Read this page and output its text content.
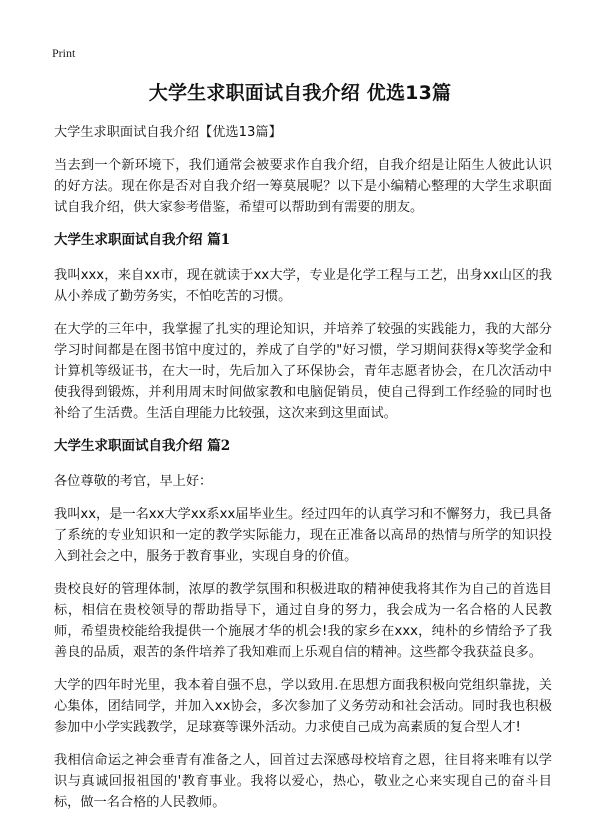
Print
大学生求职面试自我介绍 优选13篇
大学生求职面试自我介绍【优选13篇】

当去到一个新环境下，我们通常会被要求作自我介绍，自我介绍是让陌生人彼此认识的好方法。现在你是否对自我介绍一筹莫展呢？以下是小编精心整理的大学生求职面试自我介绍，供大家参考借鉴，希望可以帮助到有需要的朋友。

大学生求职面试自我介绍 篇1

我叫xxx，来自xx市，现在就读于xx大学，专业是化学工程与工艺，出身xx山区的我从小养成了勤劳务实，不怕吃苦的习惯。

在大学的三年中，我掌握了扎实的理论知识，并培养了较强的实践能力，我的大部分学习时间都是在图书馆中度过的，养成了自学的"好习惯，学习期间获得x等奖学金和计算机等级证书，在大一时，先后加入了环保协会，青年志愿者协会，在几次活动中使我得到锻炼，并利用周末时间做家教和电脑促销员，使自己得到工作经验的同时也补给了生活费。生活自理能力比较强，这次来到这里面试。

大学生求职面试自我介绍 篇2

各位尊敬的考官，早上好：

我叫xx，是一名xx大学xx系xx届毕业生。经过四年的认真学习和不懈努力，我已具备了系统的专业知识和一定的教学实际能力，现在正准备以高昂的热情与所学的知识投入到社会之中，服务于教育事业，实现自身的价值。

贵校良好的管理体制，浓厚的教学氛围和积极进取的精神使我将其作为自己的首选目标，相信在贵校领导的帮助指导下，通过自身的努力，我会成为一名合格的人民教师，希望贵校能给我提供一个施展才华的机会!我的家乡在xxx，纯朴的乡情给予了我善良的品质，艰苦的条件培养了我知难而上乐观自信的精神。这些都令我获益良多。

大学的四年时光里，我本着自强不息，学以致用.在思想方面我积极向党组织靠拢，关心集体，团结同学，并加入xx协会，多次参加了义务劳动和社会活动。同时我也积极参加中小学实践教学，足球赛等课外活动。力求使自己成为高素质的复合型人才!

我相信命运之神会垂青有准备之人，回首过去深感母校培育之恩，往目将来唯有以学识与真诚回报祖国的'教育事业。我将以爱心，热心，敬业之心来实现自己的奋斗目标，做一名合格的人民教师。
